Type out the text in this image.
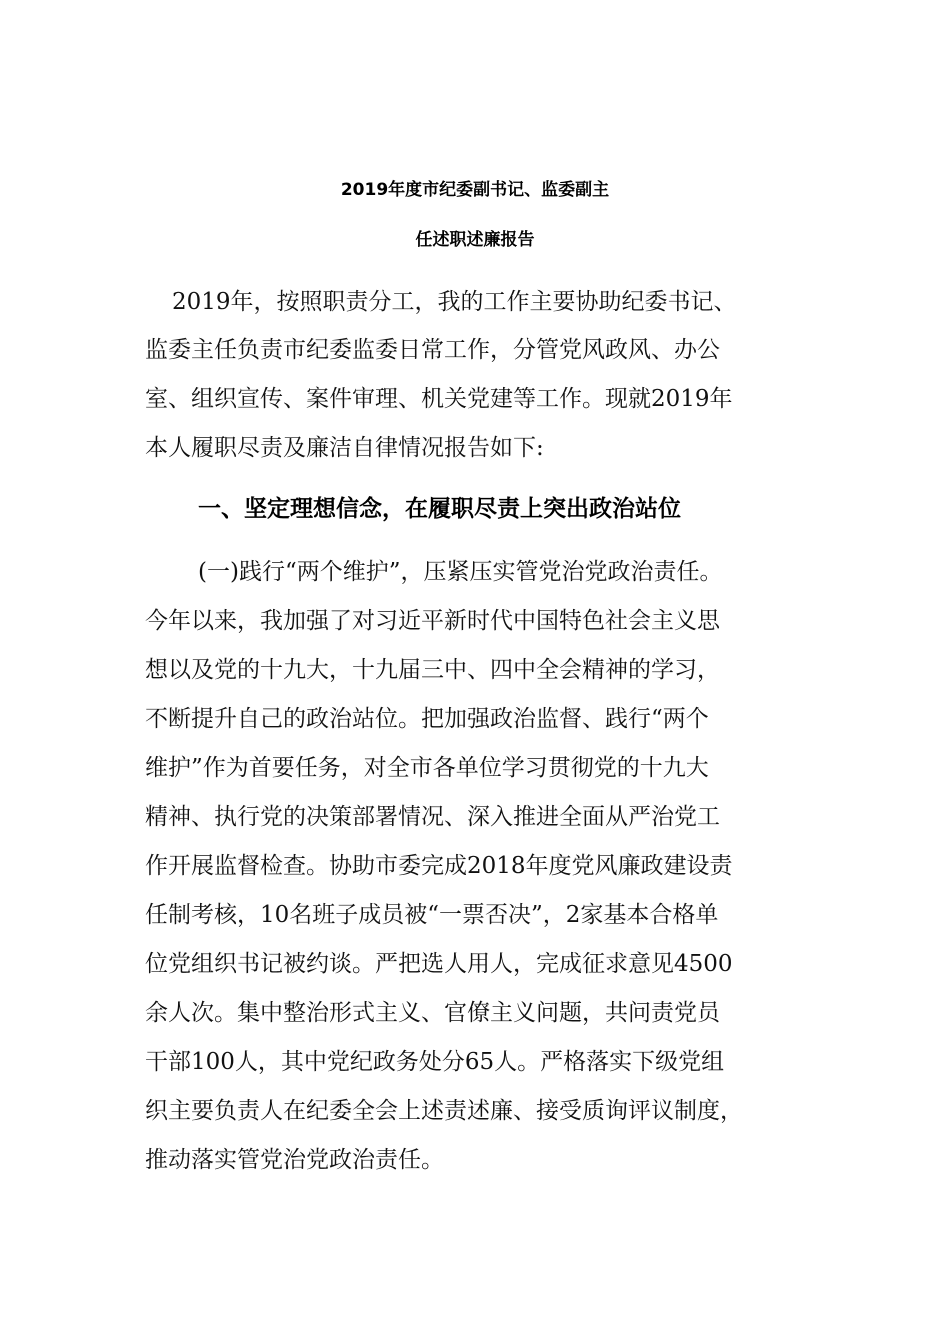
2019年度市纪委副书记、监委副主
任述职述廉报告
2019年，按照职责分工，我的工作主要协助纪委书记、
监委主任负责市纪委监委日常工作，分管党风政风、办公
室、组织宣传、案件审理、机关党建等工作。现就2019年
本人履职尽责及廉洁自律情况报告如下:
一、坚定理想信念，在履职尽责上突出政治站位
(一)践行“两个维护”，压紧压实管党治党政治责任。
今年以来，我加强了对习近平新时代中国特色社会主义思
想以及党的十九大，十九届三中、四中全会精神的学习，
不断提升自己的政治站位。把加强政治监督、践行“两个
维护”作为首要任务，对全市各单位学习贯彻党的十九大
精神、执行党的决策部署情况、深入推进全面从严治党工
作开展监督检查。协助市委完成2018年度党风廉政建设责
任制考核，10名班子成员被“一票否决”，2家基本合格单
位党组织书记被约谈。严把选人用人，完成征求意见4500
余人次。集中整治形式主义、官僚主义问题，共问责党员
干部100人，其中党纪政务处分65人。严格落实下级党组
织主要负责人在纪委全会上述责述廉、接受质询评议制度，
推动落实管党治党政治责任。
